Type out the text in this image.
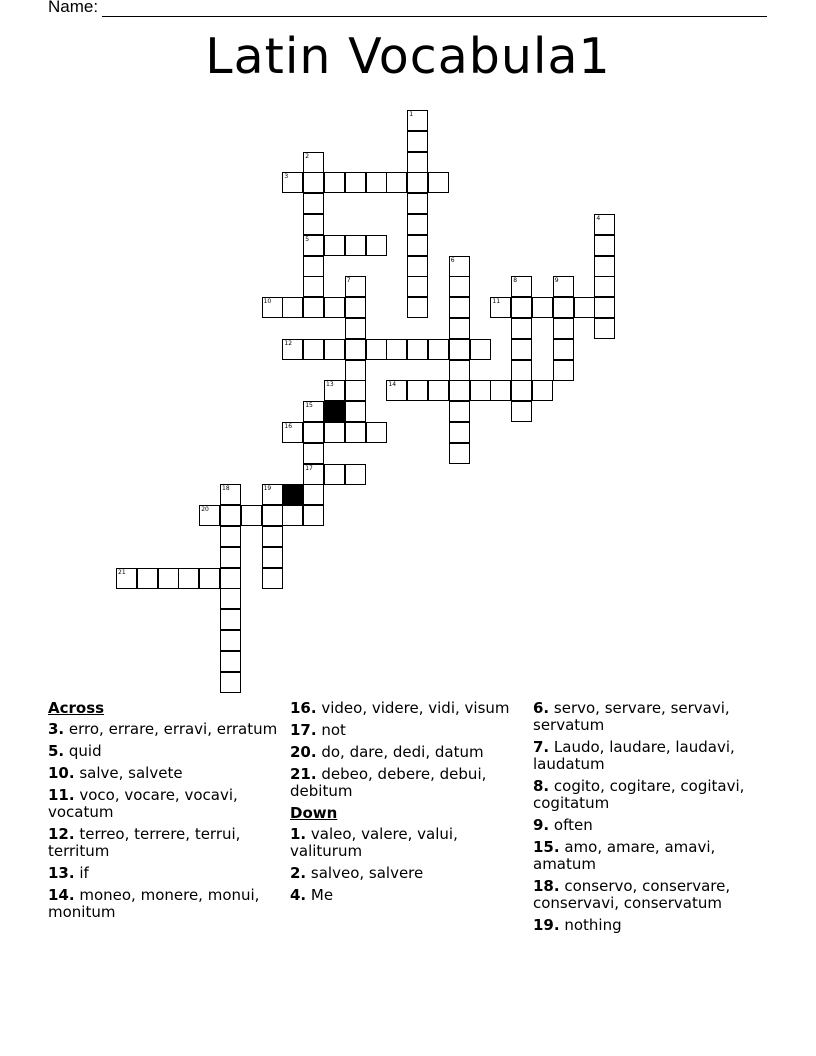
Name:
Latin Vocabula1
1
2
3
4
5
6
7	8	9
10	11
12
13	14
15
16
17
18	19
20
21
Across
3. erro, errare, erravi, erratum
5. quid
10. salve, salvete
11. voco, vocare, vocavi, vocatum
12. terreo, terrere, terrui, territum
13. if
14. moneo, monere, monui, monitum
16. video, videre, vidi, visum
17. not
20. do, dare, dedi, datum
21. debeo, debere, debui, debitum
Down
1. valeo, valere, valui, valiturum
2. salveo, salvere
4. Me
6. servo, servare, servavi, servatum
7. Laudo, laudare, laudavi, laudatum
8. cogito, cogitare, cogitavi, cogitatum
9. often
15. amo, amare, amavi, amatum
18. conservo, conservare, conservavi, conservatum
19. nothing
